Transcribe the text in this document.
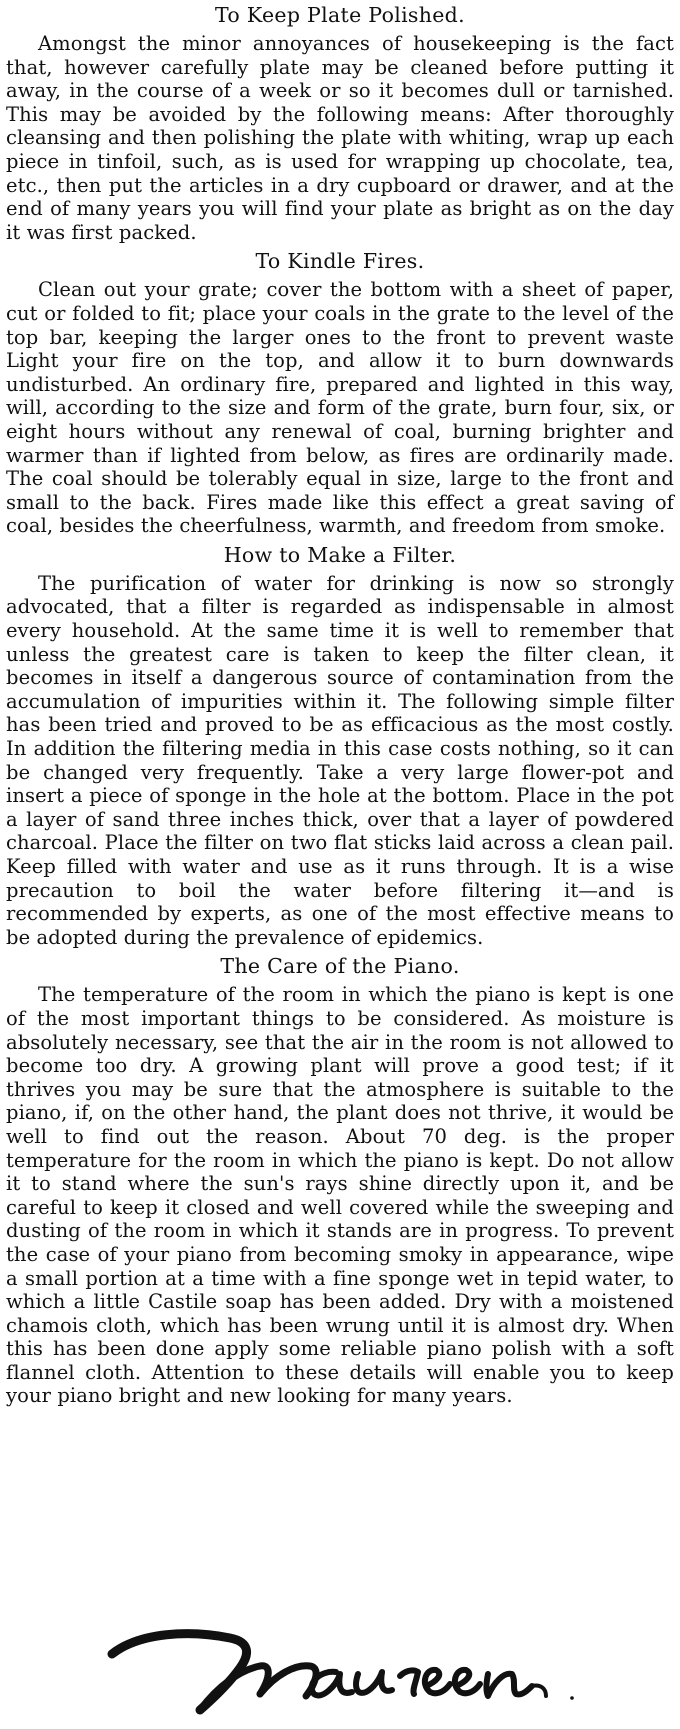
To Keep Plate Polished.

Amongst the minor annoyances of housekeeping is the fact that, however carefully plate may be cleaned before putting it away, in the course of a week or so it becomes dull or tarnished. This may be avoided by the following means: After thoroughly cleansing and then polishing the plate with whiting, wrap up each piece in tinfoil, such, as is used for wrapping up chocolate, tea, etc., then put the articles in a dry cupboard or drawer, and at the end of many years you will find your plate as bright as on the day it was first packed.

To Kindle Fires.

Clean out your grate; cover the bottom with a sheet of paper, cut or folded to fit; place your coals in the grate to the level of the top bar, keeping the larger ones to the front to prevent waste Light your fire on the top, and allow it to burn downwards undisturbed. An ordinary fire, prepared and lighted in this way, will, according to the size and form of the grate, burn four, six, or eight hours without any renewal of coal, burning brighter and warmer than if lighted from below, as fires are ordinarily made. The coal should be tolerably equal in size, large to the front and small to the back. Fires made like this effect a great saving of coal, besides the cheerfulness, warmth, and freedom from smoke.

How to Make a Filter.

The purification of water for drinking is now so strongly advocated, that a filter is regarded as indispensable in almost every household. At the same time it is well to remember that unless the greatest care is taken to keep the filter clean, it becomes in itself a dangerous source of contamination from the accumulation of impurities within it. The following simple filter has been tried and proved to be as efficacious as the most costly. In addition the filtering media in this case costs nothing, so it can be changed very frequently. Take a very large flower-pot and insert a piece of sponge in the hole at the bottom. Place in the pot a layer of sand three inches thick, over that a layer of powdered charcoal. Place the filter on two flat sticks laid across a clean pail. Keep filled with water and use as it runs through. It is a wise precaution to boil the water before filtering it—and is recommended by experts, as one of the most effective means to be adopted during the prevalence of epidemics.

The Care of the Piano.

The temperature of the room in which the piano is kept is one of the most important things to be considered. As moisture is absolutely necessary, see that the air in the room is not allowed to become too dry. A growing plant will prove a good test; if it thrives you may be sure that the atmosphere is suitable to the piano, if, on the other hand, the plant does not thrive, it would be well to find out the reason. About 70 deg. is the proper temperature for the room in which the piano is kept. Do not allow it to stand where the sun's rays shine directly upon it, and be careful to keep it closed and well covered while the sweeping and dusting of the room in which it stands are in progress. To prevent the case of your piano from becoming smoky in appearance, wipe a small portion at a time with a fine sponge wet in tepid water, to which a little Castile soap has been added. Dry with a moistened chamois cloth, which has been wrung until it is almost dry. When this has been done apply some reliable piano polish with a soft flannel cloth. Attention to these details will enable you to keep your piano bright and new looking for many years.
